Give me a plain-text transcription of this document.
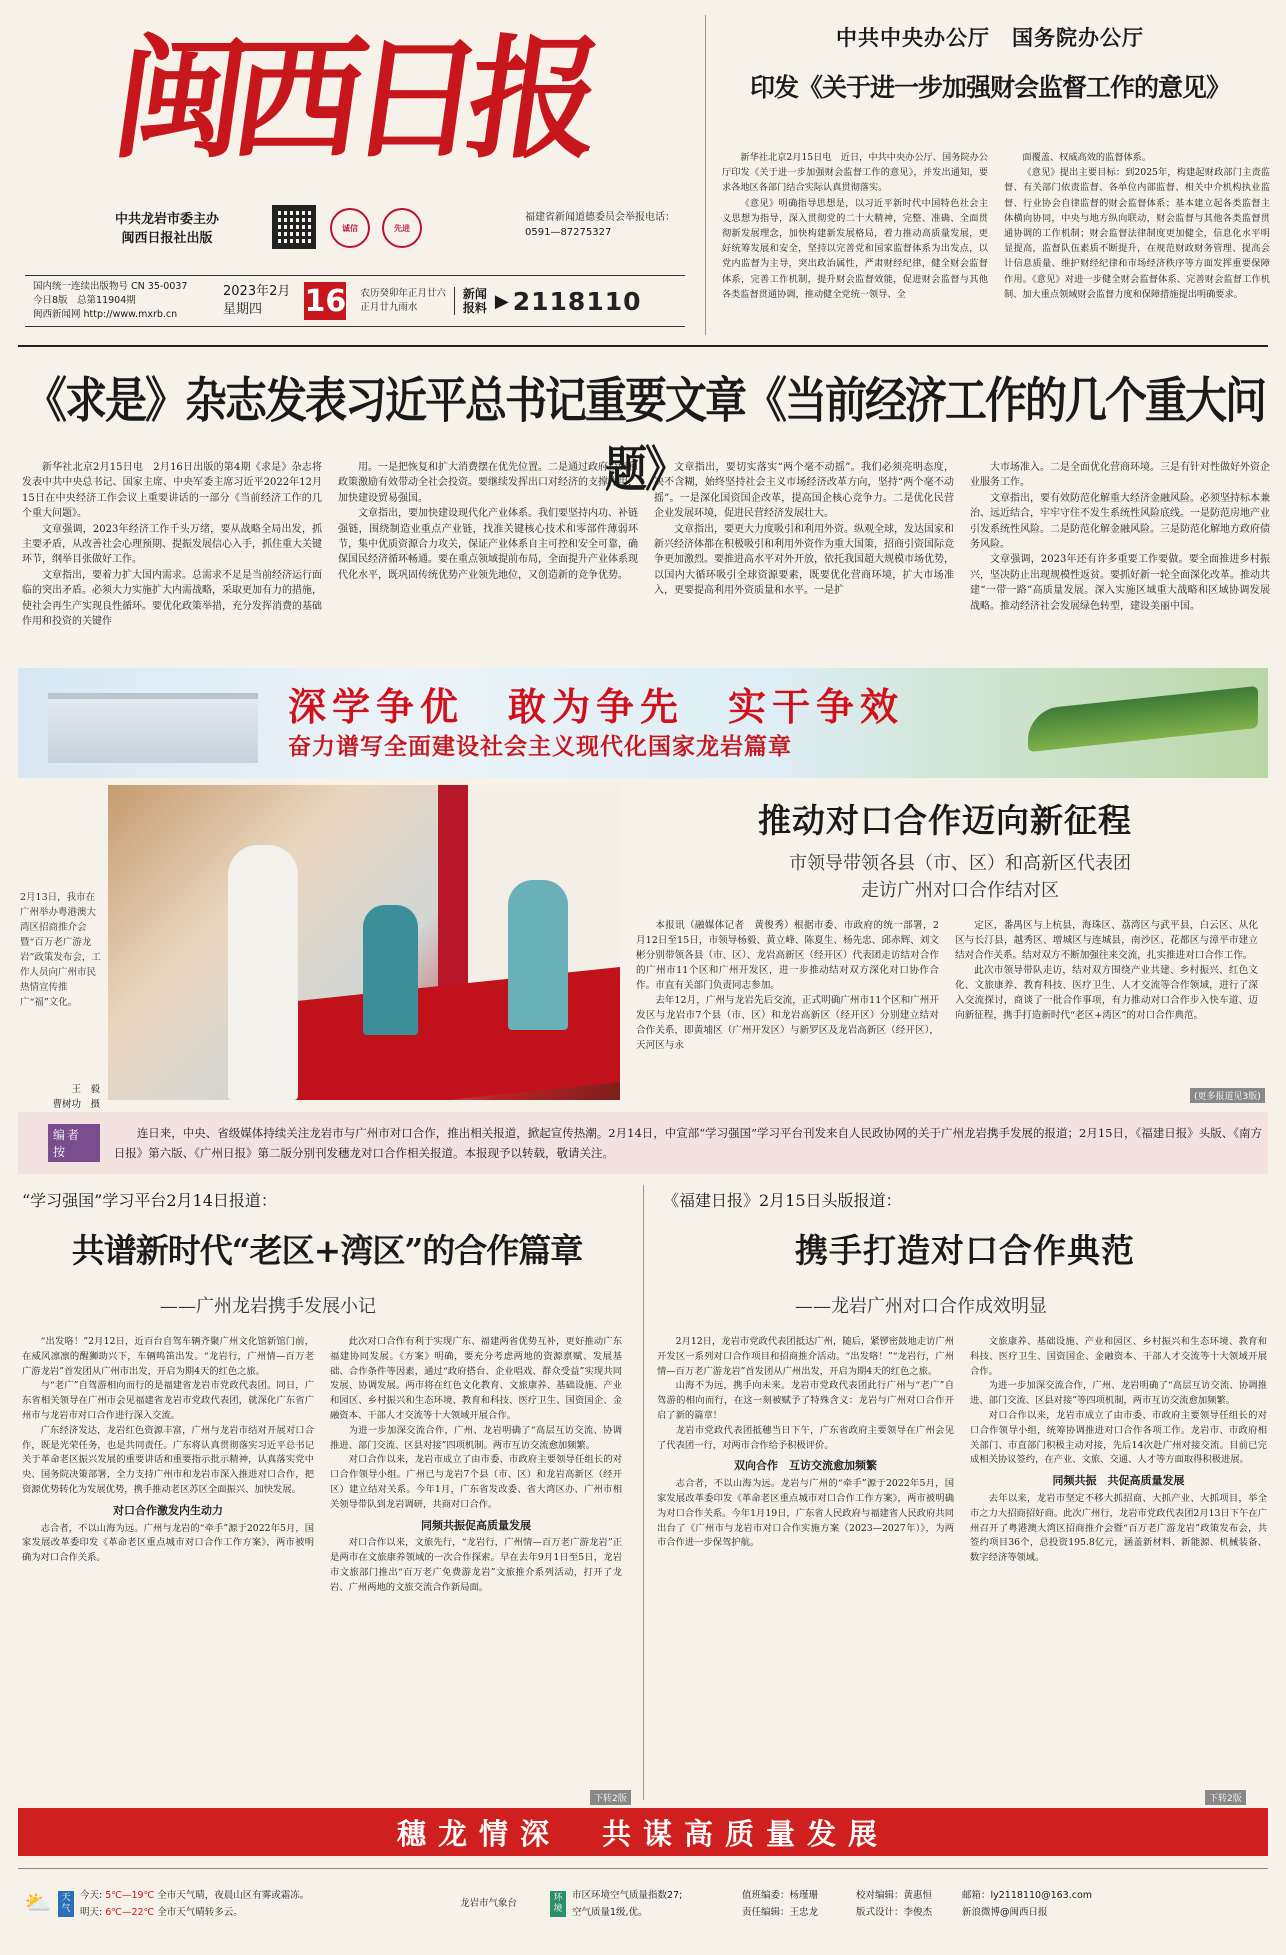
闽西日报
中共龙岩市委主办
闽西日报社出版
诚信	先进
福建省新闻道德委员会举报电话：
0591—87275327
国内统一连续出版物号 CN 35-0037
今日8版　总第11904期
闽西新闻网 http://www.mxrb.cn
2023年2月
星期四	16 农历癸卯年正月廿六
正月廿九雨水
新闻
报料 ▶ 2118110
中共中央办公厅　国务院办公厅
印发《关于进一步加强财会监督工作的意见》

新华社北京2月15日电　近日，中共中央办公厅、国务院办公厅印发《关于进一步加强财会监督工作的意见》，并发出通知，要求各地区各部门结合实际认真贯彻落实。

《意见》明确指导思想是，以习近平新时代中国特色社会主义思想为指导，深入贯彻党的二十大精神，完整、准确、全面贯彻新发展理念，加快构建新发展格局，着力推动高质量发展，更好统筹发展和安全，坚持以完善党和国家监督体系为出发点，以党内监督为主导，突出政治属性，严肃财经纪律，健全财会监督体系，完善工作机制，提升财会监督效能，促进财会监督与其他各类监督贯通协调，推动健全党统一领导、全

面覆盖、权威高效的监督体系。

《意见》提出主要目标：到2025年，构建起财政部门主责监督、有关部门依责监督、各单位内部监督、相关中介机构执业监督、行业协会自律监督的财会监督体系；基本建立起各类监督主体横向协同，中央与地方纵向联动，财会监督与其他各类监督贯通协调的工作机制；财会监督法律制度更加健全，信息化水平明显提高，监督队伍素质不断提升，在规范财政财务管理、提高会计信息质量、维护财经纪律和市场经济秩序等方面发挥重要保障作用。《意见》对进一步健全财会监督体系、完善财会监督工作机制、加大重点领域财会监督力度和保障措施提出明确要求。

《求是》杂志发表习近平总书记重要文章《当前经济工作的几个重大问题》

新华社北京2月15日电　2月16日出版的第4期《求是》杂志将发表中共中央总书记、国家主席、中央军委主席习近平2022年12月15日在中央经济工作会议上重要讲话的一部分《当前经济工作的几个重大问题》。

文章强调，2023年经济工作千头万绪，要从战略全局出发，抓主要矛盾，从改善社会心理预期、提振发展信心入手，抓住重大关键环节，纲举目张做好工作。

文章指出，要着力扩大国内需求。总需求不足是当前经济运行面临的突出矛盾。必须大力实施扩大内需战略，采取更加有力的措施，使社会再生产实现良性循环。要优化政策举措，充分发挥消费的基础作用和投资的关键作

用。一是把恢复和扩大消费摆在优先位置。二是通过政府投资和政策激励有效带动全社会投资。要继续发挥出口对经济的支撑作用，加快建设贸易强国。

文章指出，要加快建设现代化产业体系。我们要坚持内功、补链强链，围绕制造业重点产业链，找准关键核心技术和零部件薄弱环节，集中优质资源合力攻关，保证产业体系自主可控和安全可靠，确保国民经济循环畅通。要在重点领域提前布局，全面提升产业体系现代化水平，既巩固传统优势产业领先地位，又创造新的竞争优势。

文章指出，要切实落实“两个毫不动摇”。我们必须亮明态度，决不含糊，始终坚持社会主义市场经济改革方向，坚持“两个毫不动摇”。一是深化国资国企改革，提高国企核心竞争力。二是优化民营企业发展环境，促进民营经济发展壮大。

文章指出，要更大力度吸引和利用外资。纵观全球，发达国家和新兴经济体都在积极吸引和利用外资作为重大国策，招商引资国际竞争更加激烈。要推进高水平对外开放，依托我国超大规模市场优势，以国内大循环吸引全球资源要素，既要优化营商环境，扩大市场准入，更要提高利用外资质量和水平。一是扩

大市场准入。二是全面优化营商环境。三是有针对性做好外资企业服务工作。

文章指出，要有效防范化解重大经济金融风险。必须坚持标本兼治、远近结合，牢牢守住不发生系统性风险底线。一是防范房地产业引发系统性风险。二是防范化解金融风险。三是防范化解地方政府债务风险。

文章强调，2023年还有许多重要工作要做。要全面推进乡村振兴，坚决防止出现规模性返贫。要抓好新一轮全面深化改革。推动共建“一带一路”高质量发展。深入实施区域重大战略和区域协调发展战略。推动经济社会发展绿色转型，建设美丽中国。

深学争优　敢为争先　实干争效
奋力谱写全面建设社会主义现代化国家龙岩篇章
2月13日，我市在广州举办粤港澳大湾区招商推介会暨“百万老广游龙岩”政策发布会，工作人员向广州市民热情宣传推广“福”文化。
王　毅
曹树功　摄
推动对口合作迈向新征程
市领导带领各县（市、区）和高新区代表团
走访广州对口合作结对区

本报讯（融媒体记者　黄俊秀）根据市委、市政府的统一部署，2月12日至15日，市领导杨毅、黄立峰、陈夏生、杨先忠、邱赤辉、刘文彬分别带领各县（市、区）、龙岩高新区（经开区）代表团走访结对合作的广州市11个区和广州开发区，进一步推动结对双方深化对口协作合作。市直有关部门负责同志参加。

去年12月，广州与龙岩先后交流，正式明确广州市11个区和广州开发区与龙岩市7个县（市、区）和龙岩高新区（经开区）分别建立结对合作关系，即黄埔区（广州开发区）与新罗区及龙岩高新区（经开区），天河区与永

定区，番禺区与上杭县，海珠区、荔湾区与武平县，白云区、从化区与长汀县，越秀区、增城区与连城县，南沙区、花都区与漳平市建立结对合作关系。结对双方不断加强往来交流，扎实推进对口合作工作。

此次市领导带队走访，结对双方围绕产业共建、乡村振兴、红色文化、文旅康养、教育科技、医疗卫生、人才交流等合作领域，进行了深入交流探讨，商谈了一批合作事项，有力推动对口合作步入快车道、迈向新征程，携手打造新时代“老区+湾区”的对口合作典范。

(更多报道见3版)
编者按
连日来，中央、省级媒体持续关注龙岩市与广州市对口合作，推出相关报道，掀起宣传热潮。2月14日，中宣部“学习强国”学习平台刊发来自人民政协网的关于广州龙岩携手发展的报道；2月15日，《福建日报》头版、《南方日报》第六版、《广州日报》第二版分别刊发穗龙对口合作相关报道。本报现予以转载，敬请关注。
“学习强国”学习平台2月14日报道：
共谱新时代“老区+湾区”的合作篇章
——广州龙岩携手发展小记

“出发咯！”2月12日，近百台自驾车辆齐聚广州文化馆新馆门前，在威风凛凛的醒狮助兴下，车辆鸣笛出发。“龙岩行，广州情—百万老广游龙岩”首发团从广州市出发，开启为期4天的红色之旅。

与“老广”自驾游相向而行的是福建省龙岩市党政代表团。同日，广东省相关领导在广州市会见福建省龙岩市党政代表团，就深化广东省广州市与龙岩市对口合作进行深入交流。

广东经济发达，龙岩红色资源丰富，广州与龙岩市结对开展对口合作，既是光荣任务，也是共同责任。广东将认真贯彻落实习近平总书记关于革命老区振兴发展的重要讲话和重要指示批示精神，认真落实党中央、国务院决策部署，全力支持广州市和龙岩市深入推进对口合作，把资源优势转化为发展优势，携手推动老区苏区全面振兴、加快发展。

对口合作激发内生动力

志合者，不以山海为远。广州与龙岩的“牵手”源于2022年5月，国家发展改革委印发《革命老区重点城市对口合作工作方案》，两市被明确为对口合作关系。

此次对口合作有利于实现广东、福建两省优势互补，更好推动广东福建协同发展。《方案》明确，要充分考虑两地的资源禀赋、发展基础、合作条件等因素，通过“政府搭台、企业唱戏、群众受益”实现共同发展、协调发展。两市将在红色文化教育、文旅康养、基础设施、产业和园区、乡村振兴和生态环境、教育和科技、医疗卫生、国资国企、金融资本、干部人才交流等十大领域开展合作。

为进一步加深交流合作，广州、龙岩明确了“高层互访交流、协调推进、部门交流、区县对接”四项机制。两市互访交流愈加频繁。

对口合作以来，龙岩市成立了由市委、市政府主要领导任组长的对口合作领导小组。广州已与龙岩7个县（市、区）和龙岩高新区（经开区）建立结对关系。今年1月，广东省发改委、省大湾区办、广州市相关领导带队到龙岩调研，共商对口合作。

同频共振促高质量发展

对口合作以来，文旅先行，“龙岩行，广州情—百万老广游龙岩”正是两市在文旅康养领域的一次合作探索。早在去年9月1日至5日，龙岩市文旅部门推出“百万老广免费游龙岩”文旅推介系列活动，打开了龙岩、广州两地的文旅交流合作新局面。

下转2版
《福建日报》2月15日头版报道：
携手打造对口合作典范
——龙岩广州对口合作成效明显

2月12日，龙岩市党政代表团抵达广州，随后，紧锣密鼓地走访广州开发区一系列对口合作项目和招商推介活动。“出发咯！”“龙岩行，广州情—百万老广游龙岩”首发团从广州出发，开启为期4天的红色之旅。

山海不为远，携手向未来。龙岩市党政代表团此行广州与“老广”自驾游的相向而行，在这一刻被赋予了特殊含义：龙岩与广州对口合作开启了新的篇章！

龙岩市党政代表团抵穗当日下午，广东省政府主要领导在广州会见了代表团一行，对两市合作给予积极评价。

双向合作　互访交流愈加频繁

志合者，不以山海为远。龙岩与广州的“牵手”源于2022年5月，国家发展改革委印发《革命老区重点城市对口合作工作方案》，两市被明确为对口合作关系。今年1月19日，广东省人民政府与福建省人民政府共同出台了《广州市与龙岩市对口合作实施方案（2023—2027年）》，为两市合作进一步保驾护航。

文旅康养、基础设施、产业和园区、乡村振兴和生态环境、教育和科技、医疗卫生、国资国企、金融资本、干部人才交流等十大领域开展合作。

为进一步加深交流合作，广州、龙岩明确了“高层互访交流、协调推进、部门交流、区县对接”等四项机制，两市互访交流愈加频繁。

对口合作以来，龙岩市成立了由市委、市政府主要领导任组长的对口合作领导小组，统筹协调推进对口合作各项工作。龙岩市、市政府相关部门、市直部门积极主动对接，先后14次赴广州对接交流。目前已完成相关协议签约，在产业、文旅、交通、人才等方面取得积极进展。

同频共振　共促高质量发展

去年以来，龙岩市坚定不移大抓招商、大抓产业、大抓项目，举全市之力大招商招好商。此次广州行，龙岩市党政代表团2月13日下午在广州召开了粤港澳大湾区招商推介会暨“百万老广游龙岩”政策发布会，共签约项目36个，总投资195.8亿元，涵盖新材料、新能源、机械装备、数字经济等领域。

下转2版
穗龙情深　共谋高质量发展
⛅	天气
今天: 5℃—19℃ 全市天气晴，夜晨山区有雾或霜冻。
明天: 6℃—22℃ 全市天气晴转多云。
龙岩市气象台
环境
市区环境空气质量指数27;
空气质量1级,优。
值班编委：杨瑾珊	校对编辑：黄惠恒
责任编辑：王忠龙	版式设计：李俊杰
邮箱：ly2118110@163.com
新浪微博@闽西日报
